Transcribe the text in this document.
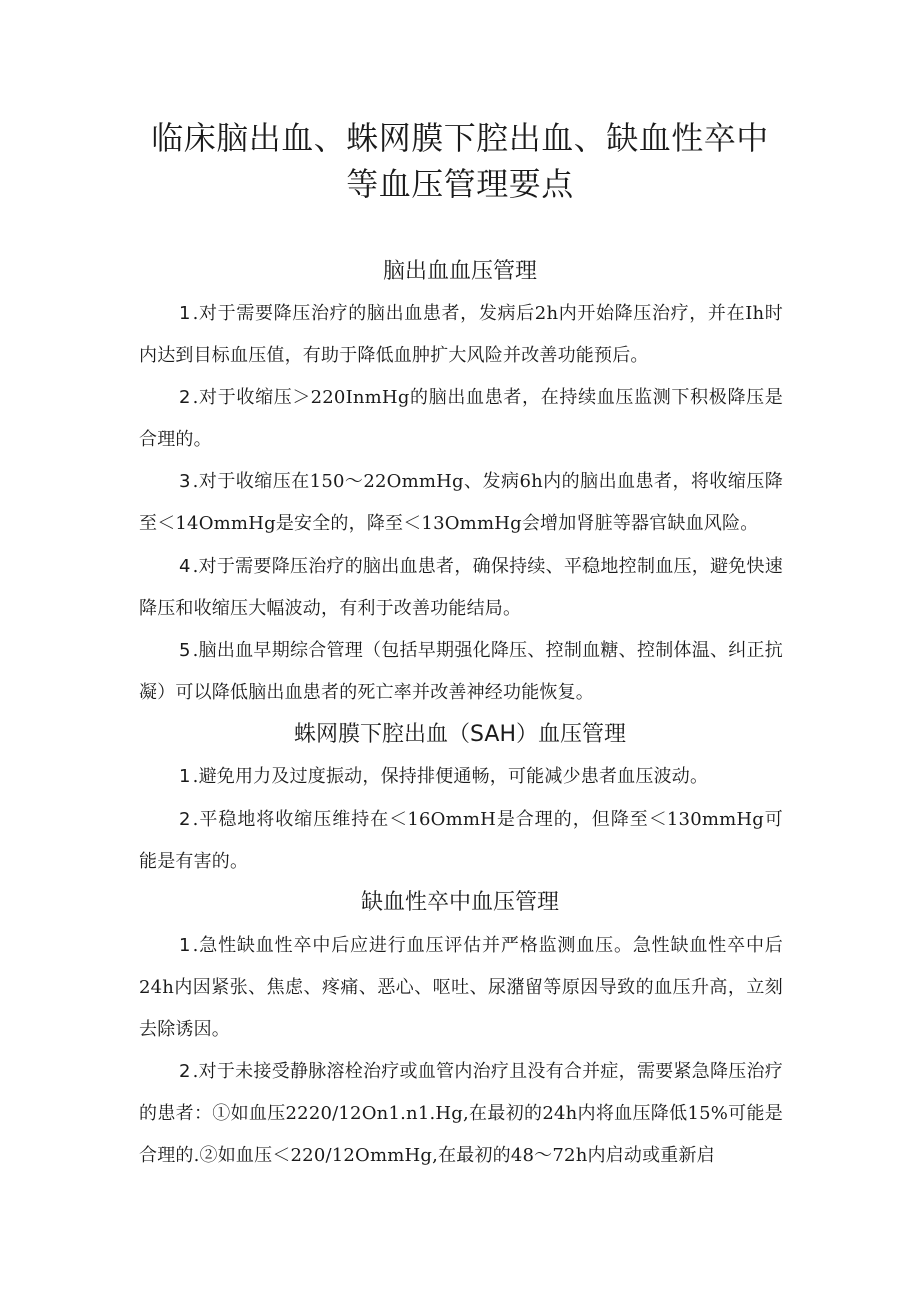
临床脑出血、蛛网膜下腔出血、缺血性卒中
等血压管理要点
脑出血血压管理

1 .对于需要降压治疗的脑出血患者，发病后2h内开始降压治疗，并在Ih时内达到目标血压值，有助于降低血肿扩大风险并改善功能预后。

2 .对于收缩压＞220InmHg的脑出血患者，在持续血压监测下积极降压是合理的。

3 .对于收缩压在150〜22OmmHg、发病6h内的脑出血患者，将收缩压降至＜14OmmHg是安全的，降至＜13OmmHg会增加肾脏等器官缺血风险。

4 .对于需要降压治疗的脑出血患者，确保持续、平稳地控制血压，避免快速降压和收缩压大幅波动，有利于改善功能结局。

5 .脑出血早期综合管理（包括早期强化降压、控制血糖、控制体温、纠正抗凝）可以降低脑出血患者的死亡率并改善神经功能恢复。

蛛网膜下腔出血（SAH）血压管理

1 .避免用力及过度振动，保持排便通畅，可能减少患者血压波动。

2 .平稳地将收缩压维持在＜16OmmH是合理的，但降至＜130mmHg可能是有害的。

缺血性卒中血压管理

1 .急性缺血性卒中后应进行血压评估并严格监测血压。急性缺血性卒中后24h内因紧张、焦虑、疼痛、恶心、呕吐、尿潴留等原因导致的血压升高，立刻去除诱因。

2 .对于未接受静脉溶栓治疗或血管内治疗且没有合并症，需要紧急降压治疗的患者：①如血压2220/12On1.n1.Hg,在最初的24h内将血压降低15%可能是合理的.②如血压＜220/12OmmHg,在最初的48〜72h内启动或重新启
